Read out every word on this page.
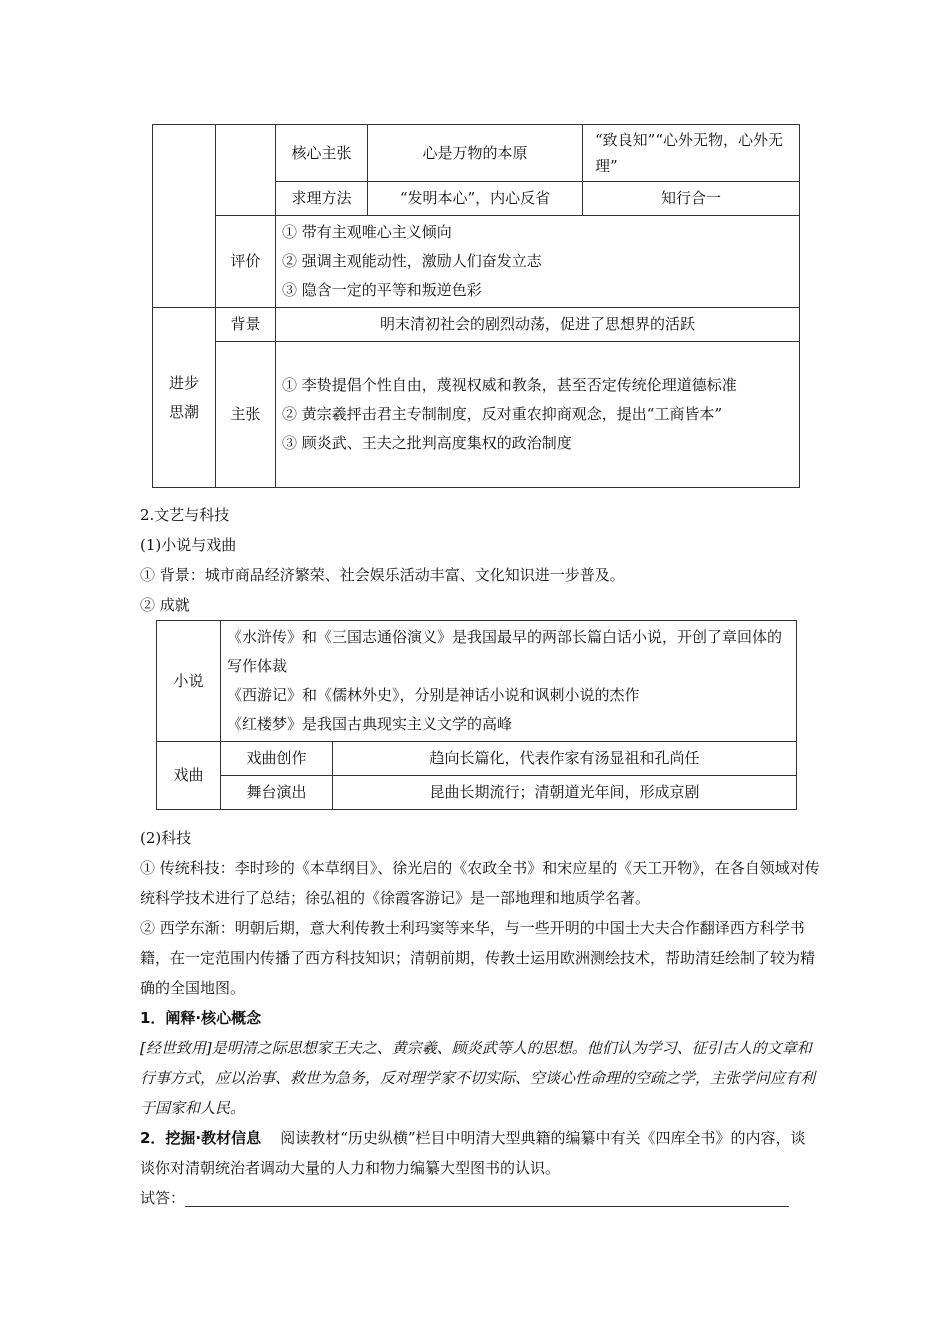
		核心主张	心是万物的本原	“致良知”“心外无物，心外无理”
		求理方法	“发明本心”，内心反省	知行合一
	评价	① 带有主观唯心主义倾向
② 强调主观能动性，激励人们奋发立志
③ 隐含一定的平等和叛逆色彩		

进步思潮	背景	明末清初社会的剧烈动荡，促进了思想界的活跃		
	主张	① 李贽提倡个性自由，蔑视权威和教条，甚至否定传统伦理道德标准
② 黄宗羲抨击君主专制制度，反对重农抑商观念，提出“工商皆本”
③ 顾炎武、王夫之批判高度集权的政治制度		

2.文艺与科技

(1)小说与戏曲

① 背景：城市商品经济繁荣、社会娱乐活动丰富、文化知识进一步普及。

② 成就

小说	《水浒传》和《三国志通俗演义》是我国最早的两部长篇白话小说，开创了章回体的写作体裁
《西游记》和《儒林外史》，分别是神话小说和讽刺小说的杰作
《红楼梦》是我国古典现实主义文学的高峰	

戏曲	戏曲创作	趋向长篇化，代表作家有汤显祖和孔尚任
	舞台演出	昆曲长期流行；清朝道光年间，形成京剧

(2)科技

① 传统科技：李时珍的《本草纲目》、徐光启的《农政全书》和宋应星的《天工开物》，在各自领域对传统科学技术进行了总结；徐弘祖的《徐霞客游记》是一部地理和地质学名著。

② 西学东渐：明朝后期，意大利传教士利玛窦等来华，与一些开明的中国士大夫合作翻译西方科学书籍，在一定范围内传播了西方科技知识；清朝前期，传教士运用欧洲测绘技术，帮助清廷绘制了较为精确的全国地图。

1．阐释·核心概念

[经世致用]是明清之际思想家王夫之、黄宗羲、顾炎武等人的思想。他们认为学习、征引古人的文章和行事方式，应以治事、救世为急务，反对理学家不切实际、空谈心性命理的空疏之学，主张学问应有利于国家和人民。

2．挖掘·教材信息 阅读教材“历史纵横”栏目中明清大型典籍的编纂中有关《四库全书》的内容，谈谈你对清朝统治者调动大量的人力和物力编纂大型图书的认识。

试答：
